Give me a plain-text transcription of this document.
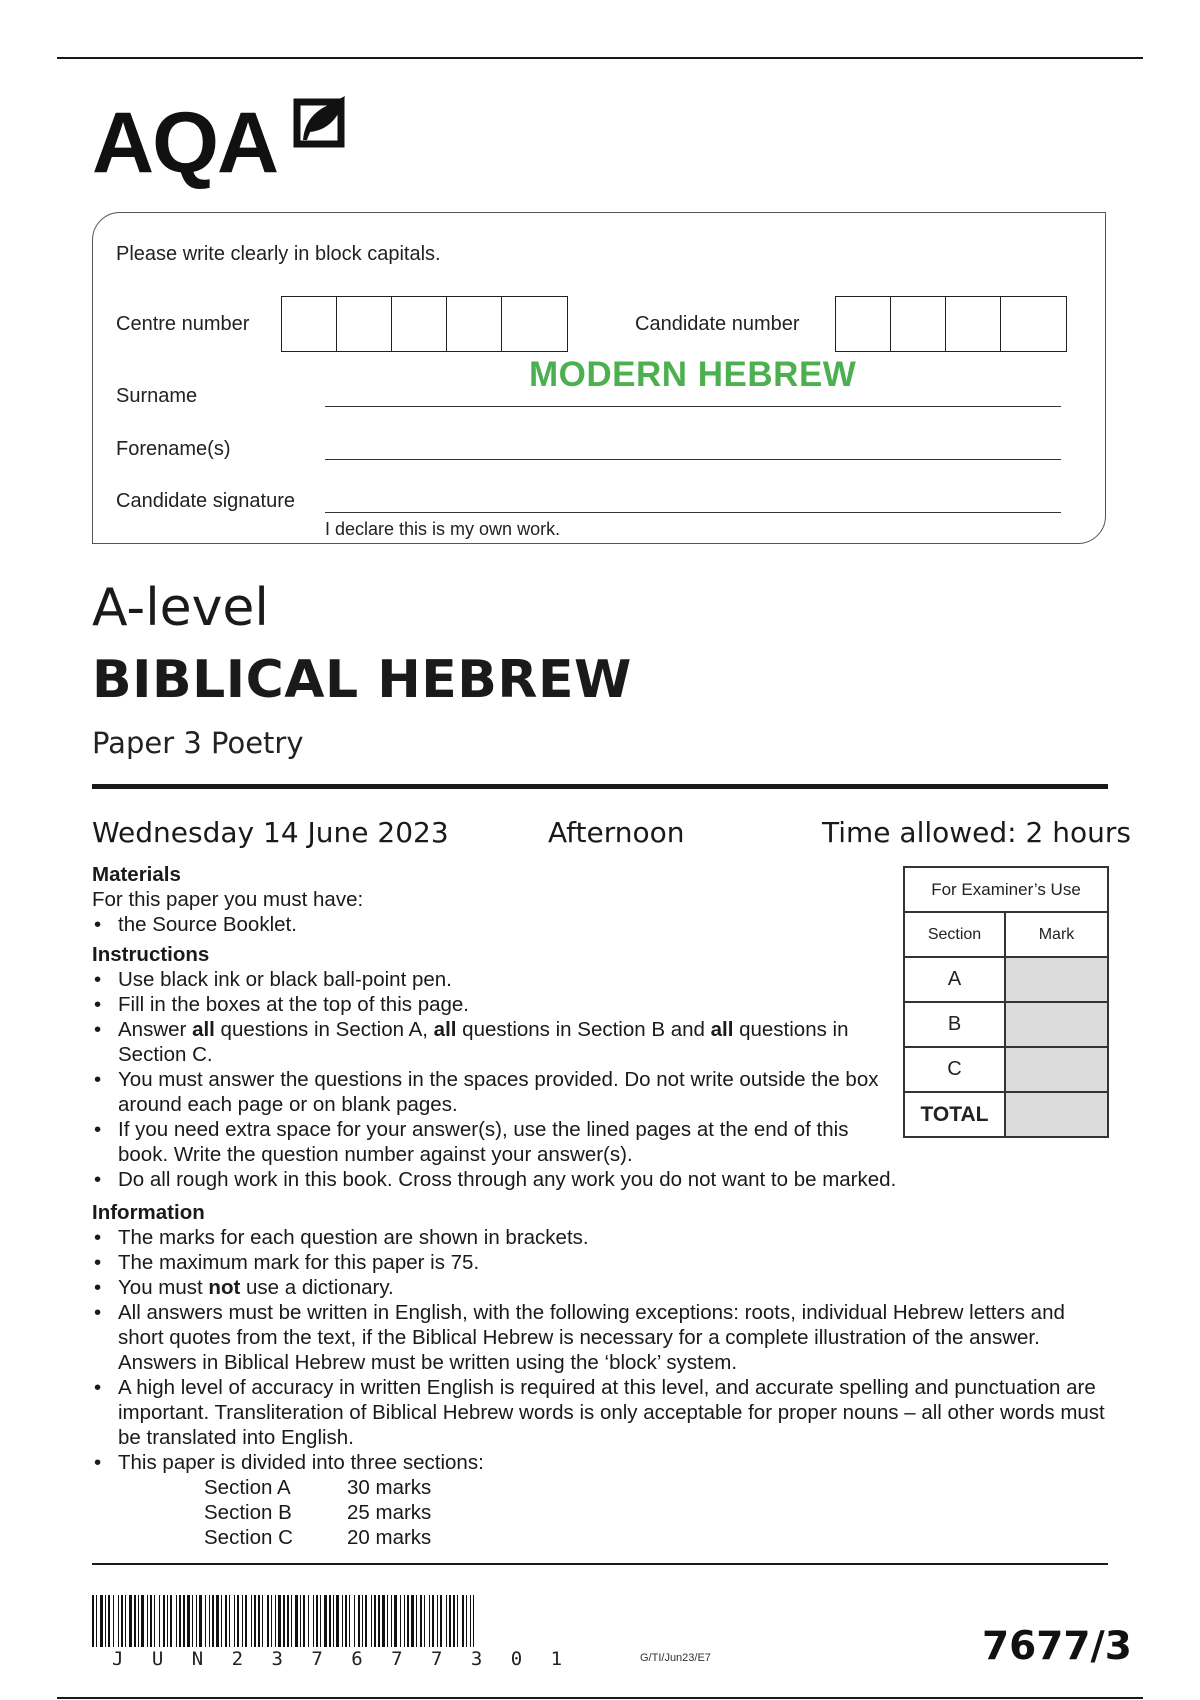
AQA
Please write clearly in block capitals.
Centre number	Candidate number
MODERN HEBREW
Surname
Forename(s)
Candidate signature
I declare this is my own work.
A-level
BIBLICAL HEBREW
Paper 3 Poetry
Wednesday 14 June 2023	Afternoon	Time allowed: 2 hours
Materials
For this paper you must have:
• the Source Booklet.
Instructions
• Use black ink or black ball-point pen.
• Fill in the boxes at the top of this page.
• Answer all questions in Section A, all questions in Section B and all questions in Section C.
• You must answer the questions in the spaces provided. Do not write outside the box around each page or on blank pages.
• If you need extra space for your answer(s), use the lined pages at the end of this book. Write the question number against your answer(s).
• Do all rough work in this book. Cross through any work you do not want to be marked.
Information
• The marks for each question are shown in brackets.
• The maximum mark for this paper is 75.
• You must not use a dictionary.
• All answers must be written in English, with the following exceptions: roots, individual Hebrew letters and short quotes from the text, if the Biblical Hebrew is necessary for a complete illustration of the answer. Answers in Biblical Hebrew must be written using the ‘block’ system.
• A high level of accuracy in written English is required at this level, and accurate spelling and punctuation are important. Transliteration of Biblical Hebrew words is only acceptable for proper nouns – all other words must be translated into English.
• This paper is divided into three sections:
Section A	30 marks
Section B	25 marks
Section C	20 marks
For Examiner’s Use	
Section	Mark
A	
B	
C	
TOTAL	
J U N 2 3 7 6 7 7 3 0 1	G/TI/Jun23/E7	7677/3
